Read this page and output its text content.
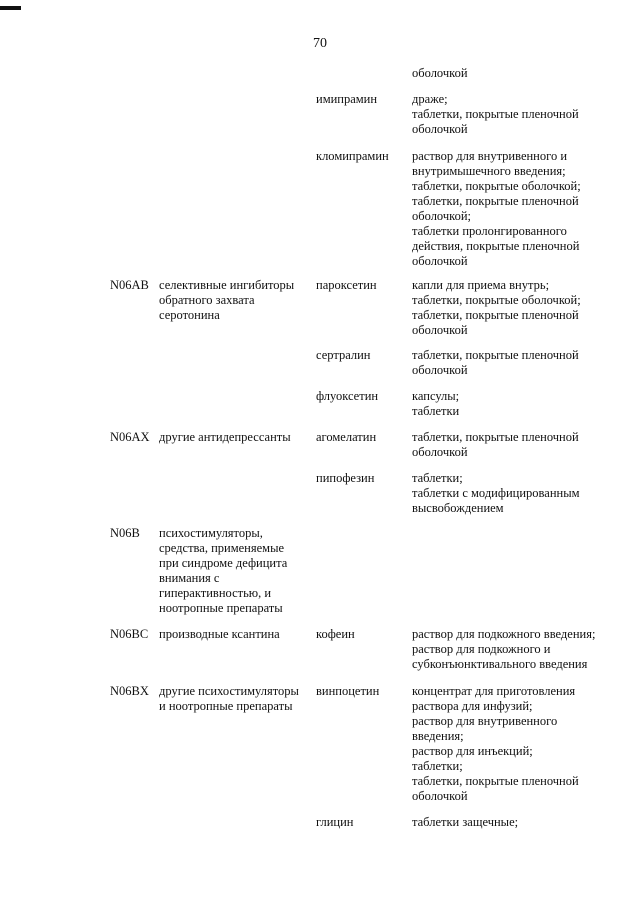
70
оболочкой
имипрамин	драже;
таблетки, покрытые пленочной
оболочкой
кломипрамин	раствор для внутривенного и
внутримышечного введения;
таблетки, покрытые оболочкой;
таблетки, покрытые пленочной
оболочкой;
таблетки пролонгированного
действия, покрытые пленочной
оболочкой
N06AB селективные ингибиторы
обратного захвата
серотонина
пароксетин	капли для приема внутрь;
таблетки, покрытые оболочкой;
таблетки, покрытые пленочной
оболочкой
сертралин	таблетки, покрытые пленочной
оболочкой
флуоксетин	капсулы;
таблетки
N06AX другие антидепрессанты	агомелатин	таблетки, покрытые пленочной
оболочкой
пипофезин	таблетки;
таблетки с модифицированным
высвобождением
N06B	психостимуляторы,
средства, применяемые
при синдроме дефицита
внимания с
гиперактивностью, и
ноотропные препараты
N06BC производные ксантина	кофеин	раствор для подкожного введения;
раствор для подкожного и
субконъюнктивального введения
N06BX другие психостимуляторы
и ноотропные препараты
винпоцетин	концентрат для приготовления
раствора для инфузий;
раствор для внутривенного
введения;
раствор для инъекций;
таблетки;
таблетки, покрытые пленочной
оболочкой
глицин	таблетки защечные;
